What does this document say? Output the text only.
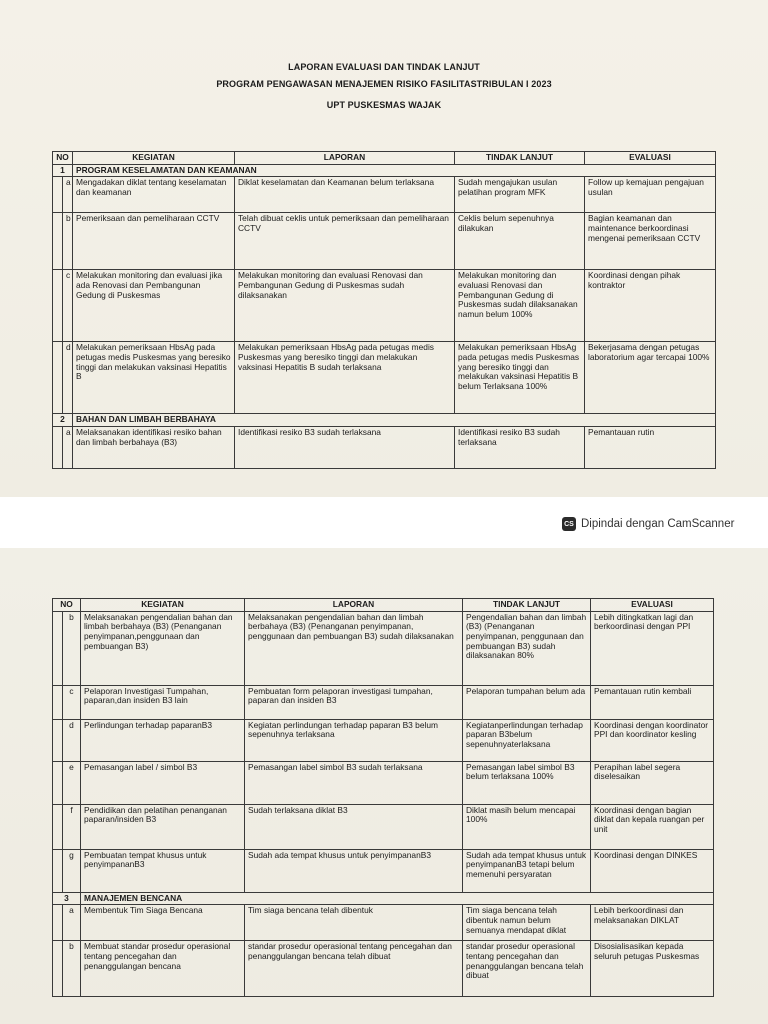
LAPORAN EVALUASI DAN TINDAK LANJUT
PROGRAM PENGAWASAN MENAJEMEN RISIKO FASILITASTRIBULAN I 2023
UPT PUSKESMAS WAJAK
NO		KEGIATAN	LAPORAN	TINDAK LANJUT	EVALUASI
1		PROGRAM KESELAMATAN DAN KEAMANAN			
	a	Mengadakan diklat tentang keselamatan dan keamanan	Diklat keselamatan dan Keamanan belum terlaksana	Sudah mengajukan usulan pelatihan program MFK	Follow up kemajuan pengajuan usulan
	b	Pemeriksaan dan pemeliharaan CCTV	Telah dibuat ceklis untuk pemeriksaan dan pemeliharaan CCTV	Ceklis belum sepenuhnya dilakukan	Bagian keamanan dan maintenance berkoordinasi mengenai pemeriksaan CCTV
	c	Melakukan monitoring dan evaluasi jika ada Renovasi dan Pembangunan Gedung di Puskesmas	Melakukan monitoring dan evaluasi Renovasi dan Pembangunan Gedung di Puskesmas sudah dilaksanakan	Melakukan monitoring dan evaluasi Renovasi dan Pembangunan Gedung di Puskesmas sudah dilaksanakan namun belum 100%	Koordinasi dengan pihak kontraktor
	d	Melakukan pemeriksaan HbsAg pada petugas medis Puskesmas yang beresiko tinggi dan melakukan vaksinasi Hepatitis B	Melakukan pemeriksaan HbsAg pada petugas medis Puskesmas yang beresiko tinggi dan melakukan vaksinasi Hepatitis B sudah terlaksana	Melakukan pemeriksaan HbsAg pada petugas medis Puskesmas yang beresiko tinggi dan melakukan vaksinasi Hepatitis B belum Terlaksana 100%	Bekerjasama dengan petugas laboratorium agar tercapai 100%
2		BAHAN DAN LIMBAH BERBAHAYA			
	a	Melaksanakan identifikasi resiko bahan dan limbah berbahaya (B3)	Identifikasi resiko B3 sudah terlaksana	Identifikasi resiko B3 sudah terlaksana	Pemantauan rutin
CS Dipindai dengan CamScanner
NO		KEGIATAN	LAPORAN	TINDAK LANJUT	EVALUASI
	b	Melaksanakan pengendalian bahan dan limbah berbahaya (B3) (Penanganan penyimpanan,penggunaan dan pembuangan B3)	Melaksanakan pengendalian bahan dan limbah berbahaya (B3) (Penanganan penyimpanan, penggunaan dan pembuangan B3) sudah dilaksanakan	Pengendalian bahan dan limbah (B3) (Penanganan penyimpanan, penggunaan dan pembuangan B3) sudah dilaksanakan 80%	Lebih ditingkatkan lagi dan berkoordinasi dengan PPI
	c	Pelaporan Investigasi Tumpahan, paparan,dan insiden B3 lain	Pembuatan form pelaporan investigasi tumpahan, paparan dan insiden B3	Pelaporan tumpahan belum ada	Pemantauan rutin kembali
	d	Perlindungan terhadap paparanB3	Kegiatan perlindungan terhadap paparan B3 belum sepenuhnya terlaksana	Kegiatanperlindungan terhadap paparan B3belum sepenuhnyaterlaksana	Koordinasi dengan koordinator PPI dan koordinator kesling
	e	Pemasangan label / simbol B3	Pemasangan label simbol B3 sudah terlaksana	Pemasangan label simbol B3 belum terlaksana 100%	Perapihan label segera diselesaikan
	f	Pendidikan dan pelatihan penanganan paparan/insiden B3	Sudah terlaksana diklat B3	Diklat masih belum mencapai 100%	Koordinasi dengan bagian diklat dan kepala ruangan per unit
	g	Pembuatan tempat khusus untuk penyimpananB3	Sudah ada tempat khusus untuk penyimpananB3	Sudah ada tempat khusus untuk penyimpananB3 tetapi belum memenuhi persyaratan	Koordinasi dengan DINKES
3		MANAJEMEN BENCANA			
	a	Membentuk Tim Siaga Bencana	Tim siaga bencana telah dibentuk	Tim siaga bencana telah dibentuk namun belum semuanya mendapat diklat	Lebih berkoordinasi dan melaksanakan DIKLAT
	b	Membuat standar prosedur operasional tentang pencegahan dan penanggulangan bencana	standar prosedur operasional tentang pencegahan dan penanggulangan bencana telah dibuat	standar prosedur operasional tentang pencegahan dan penanggulangan bencana telah dibuat	Disosialisasikan kepada seluruh petugas Puskesmas
